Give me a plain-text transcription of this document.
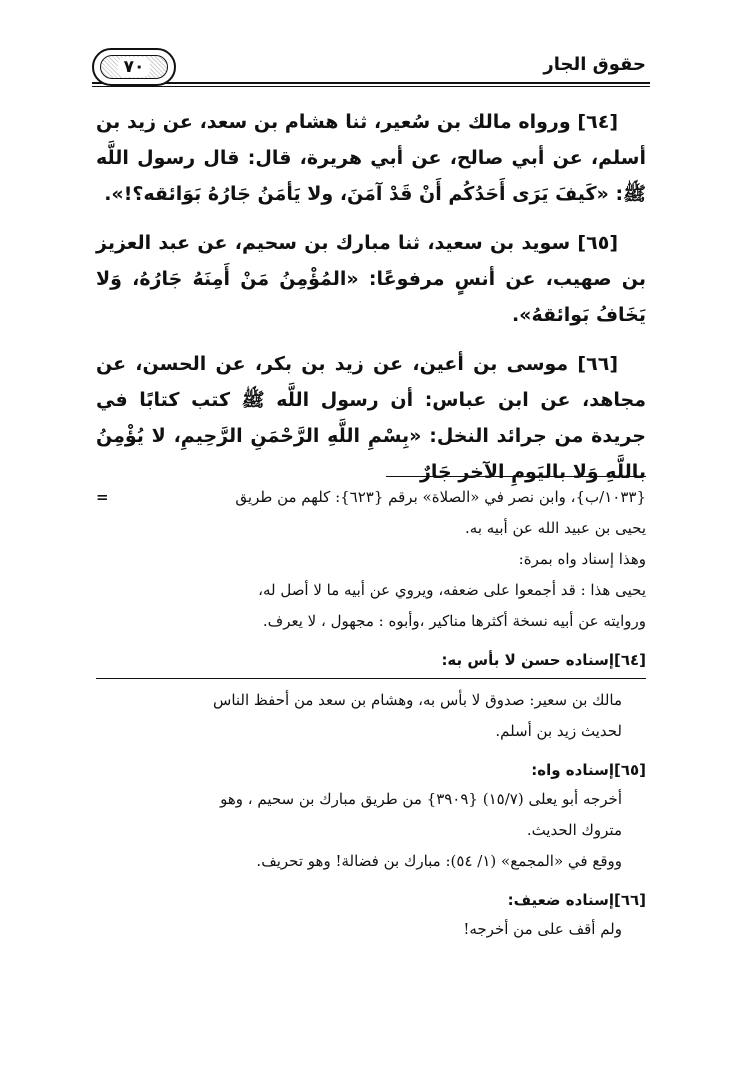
٧٠	حقوق الجار

[٦٤] ورواه مالك بن سُعير، ثنا هشام بن سعد، عن زيد بن أسلم، عن أبي صالح، عن أبي هريرة، قال: قال رسول اللَّه ﷺ: «كَيفَ يَرَى أَحَدُكُم أَنْ قَدْ آمَنَ، ولا يَأمَنُ جَارُهُ بَوَائقه؟!».

[٦٥] سويد بن سعيد، ثنا مبارك بن سحيم، عن عبد العزيز بن صهيب، عن أنسٍ مرفوعًا: «المُؤْمِنُ مَنْ أَمِنَهُ جَارُهُ، وَلا يَخَافُ بَوائقهُ».

[٦٦] موسى بن أعين، عن زيد بن بكر، عن الحسن، عن مجاهد، عن ابن عباس: أن رسول اللَّه ﷺ كتب كتابًا في جريدة من جرائد النخل: «بِسْمِ اللَّهِ الرَّحْمَنِ الرَّحِيمِ، لا يُؤْمِنُ باللَّهِ وَلا باليَومِ الآخر جَارٌ

=	{١٠٣٣/ب}، وابن نصر في «الصلاة» برقم {٦٢٣}: كلهم من طريق
يحيى بن عبيد الله عن أبيه به.
وهذا إسناد واه بمرة:
يحيى هذا : قد أجمعوا على ضعفه، ويروي عن أبيه ما لا أصل له،
وروايته عن أبيه نسخة أكثرها مناكير ،وأبوه : مجهول ، لا يعرف.
[٦٤]إسناده حسن لا بأس به:
مالك بن سعير: صدوق لا بأس به، وهشام بن سعد من أحفظ الناس
لحديث زيد بن أسلم.
[٦٥]إسناده واه:
أخرجه أبو يعلى (١٥/٧) {٣٩٠٩} من طريق مبارك بن سحيم ، وهو
متروك الحديث.
ووقع في «المجمع» (١/ ٥٤): مبارك بن فضالة! وهو تحريف.
[٦٦]إسناده ضعيف:
ولم أقف على من أخرجه!
